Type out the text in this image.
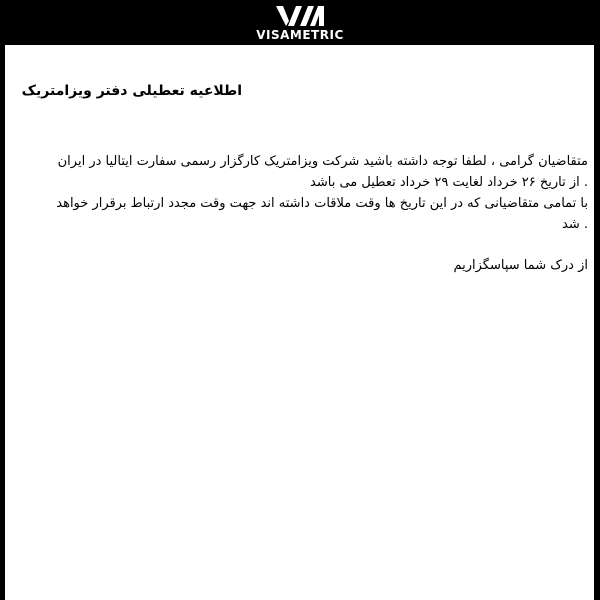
VISAMETRIC
اطلاعیه تعطیلی دفتر ویزامتریک
متقاضیان گرامی ، لطفا توجه داشته باشید شرکت ویزامتریک کارگزار رسمی سفارت ایتالیا در ایران
. از تاریخ ۲۶ خرداد لغایت ۲۹ خرداد تعطیل می باشد
با تمامی متقاضیانی که در این تاریخ ها وقت ملاقات داشته اند جهت وقت مجدد ارتباط برقرار خواهد
. شد
از درک شما سپاسگزاریم
